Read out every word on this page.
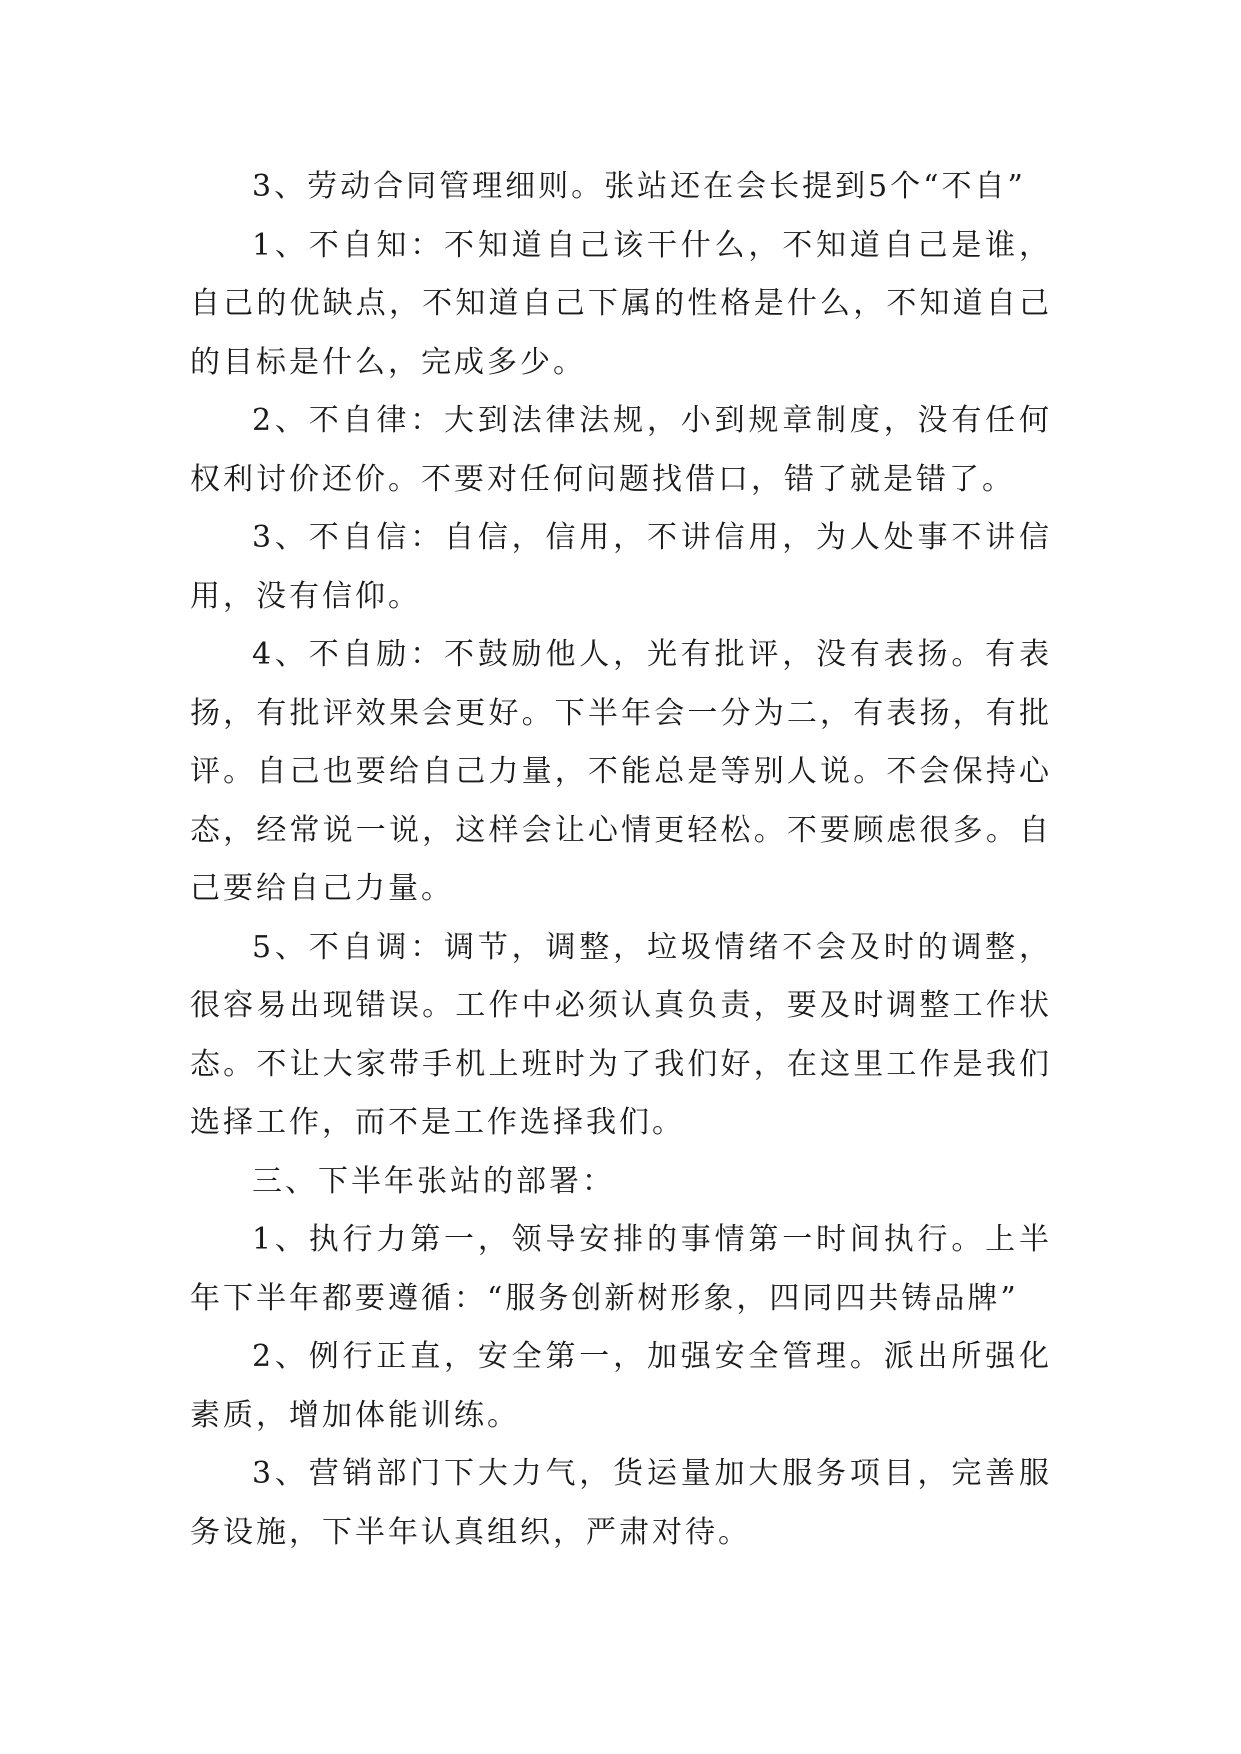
3、劳动合同管理细则。张站还在会长提到5个“不自”

1、不自知：不知道自己该干什么，不知道自己是谁，自己的优缺点，不知道自己下属的性格是什么，不知道自己的目标是什么，完成多少。

2、不自律：大到法律法规，小到规章制度，没有任何权利讨价还价。不要对任何问题找借口，错了就是错了。

3、不自信：自信，信用，不讲信用，为人处事不讲信用，没有信仰。

4、不自励：不鼓励他人，光有批评，没有表扬。有表扬，有批评效果会更好。下半年会一分为二，有表扬，有批评。自己也要给自己力量，不能总是等别人说。不会保持心态，经常说一说，这样会让心情更轻松。不要顾虑很多。自己要给自己力量。

5、不自调：调节，调整，垃圾情绪不会及时的调整，很容易出现错误。工作中必须认真负责，要及时调整工作状态。不让大家带手机上班时为了我们好，在这里工作是我们选择工作，而不是工作选择我们。

三、下半年张站的部署：

1、执行力第一，领导安排的事情第一时间执行。上半年下半年都要遵循：“服务创新树形象，四同四共铸品牌”

2、例行正直，安全第一，加强安全管理。派出所强化素质，增加体能训练。

3、营销部门下大力气，货运量加大服务项目，完善服务设施，下半年认真组织，严肃对待。
